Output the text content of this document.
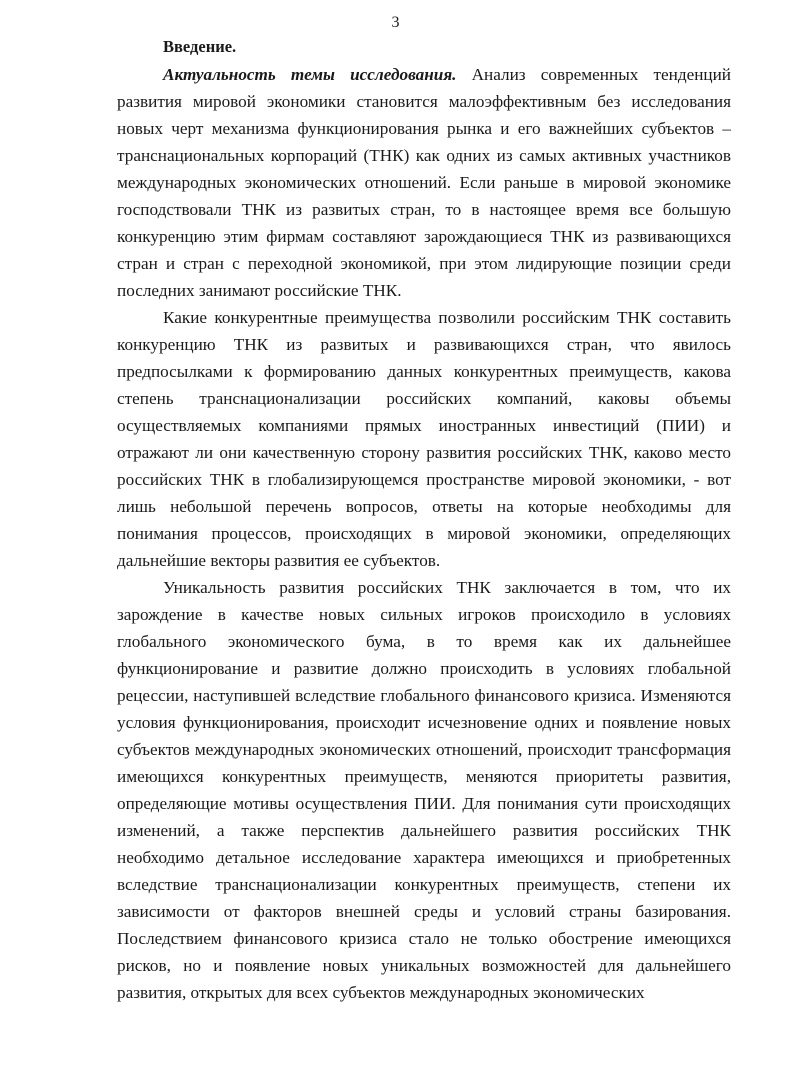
3
Введение.

Актуальность темы исследования. Анализ современных тенденций развития мировой экономики становится малоэффективным без исследования новых черт механизма функционирования рынка и его важнейших субъектов – транснациональных корпораций (ТНК) как одних из самых активных участников международных экономических отношений. Если раньше в мировой экономике господствовали ТНК из развитых стран, то в настоящее время все большую конкуренцию этим фирмам составляют зарождающиеся ТНК из развивающихся стран и стран с переходной экономикой, при этом лидирующие позиции среди последних занимают российские ТНК.

Какие конкурентные преимущества позволили российским ТНК составить конкуренцию ТНК из развитых и развивающихся стран, что явилось предпосылками к формированию данных конкурентных преимуществ, какова степень транснационализации российских компаний, каковы объемы осуществляемых компаниями прямых иностранных инвестиций (ПИИ) и отражают ли они качественную сторону развития российских ТНК, каково место российских ТНК в глобализирующемся пространстве мировой экономики, - вот лишь небольшой перечень вопросов, ответы на которые необходимы для понимания процессов, происходящих в мировой экономики, определяющих дальнейшие векторы развития ее субъектов.

Уникальность развития российских ТНК заключается в том, что их зарождение в качестве новых сильных игроков происходило в условиях глобального экономического бума, в то время как их дальнейшее функционирование и развитие должно происходить в условиях глобальной рецессии, наступившей вследствие глобального финансового кризиса. Изменяются условия функционирования, происходит исчезновение одних и появление новых субъектов международных экономических отношений, происходит трансформация имеющихся конкурентных преимуществ, меняются приоритеты развития, определяющие мотивы осуществления ПИИ. Для понимания сути происходящих изменений, а также перспектив дальнейшего развития российских ТНК необходимо детальное исследование характера имеющихся и приобретенных вследствие транснационализации конкурентных преимуществ, степени их зависимости от факторов внешней среды и условий страны базирования. Последствием финансового кризиса стало не только обострение имеющихся рисков, но и появление новых уникальных возможностей для дальнейшего развития, открытых для всех субъектов международных экономических
